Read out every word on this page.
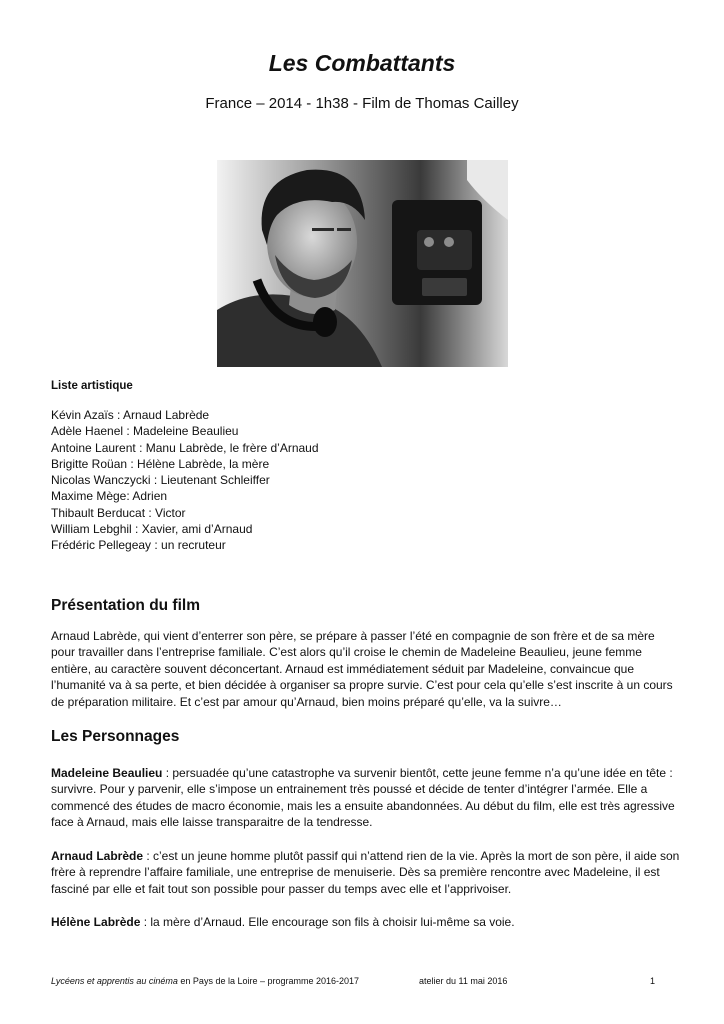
Les Combattants
France – 2014 - 1h38 - Film de Thomas Cailley
Liste artistique
Kévin Azaïs : Arnaud Labrède
Adèle Haenel : Madeleine Beaulieu
Antoine Laurent : Manu Labrède, le frère d’Arnaud
Brigitte Roüan : Hélène Labrède, la mère
Nicolas Wanczycki : Lieutenant Schleiffer
Maxime Mège: Adrien
Thibault Berducat : Victor
William Lebghil : Xavier, ami d’Arnaud
Frédéric Pellegeay : un recruteur
Présentation du film

Arnaud Labrède, qui vient d’enterrer son père, se prépare à passer l’été en compagnie de son frère et de sa mère pour travailler dans l’entreprise familiale. C’est alors qu’il croise le chemin de Madeleine Beaulieu, jeune femme entière, au caractère souvent déconcertant. Arnaud est immédiatement séduit par Madeleine, convaincue que l’humanité va à sa perte, et bien décidée à organiser sa propre survie. C’est pour cela qu’elle s’est inscrite à un cours de préparation militaire. Et c’est par amour qu’Arnaud, bien moins préparé qu’elle, va la suivre…

Les Personnages

Madeleine Beaulieu : persuadée qu’une catastrophe va survenir bientôt, cette jeune femme n’a qu’une idée en tête : survivre. Pour y parvenir, elle s’impose un entrainement très poussé et décide de tenter d’intégrer l’armée. Elle a commencé des études de macro économie, mais les a ensuite abandonnées. Au début du film, elle est très agressive face à Arnaud, mais elle laisse transparaitre de la tendresse.

Arnaud Labrède : c’est un jeune homme plutôt passif qui n’attend rien de la vie. Après la mort de son père, il aide son frère à reprendre l’affaire familiale, une entreprise de menuiserie. Dès sa première rencontre avec Madeleine, il est fasciné par elle et fait tout son possible pour passer du temps avec elle et l’apprivoiser.

Hélène Labrède : la mère d’Arnaud. Elle encourage son fils à choisir lui-même sa voie.

Lycéens et apprentis au cinéma en Pays de la Loire – programme 2016-2017	atelier du 11 mai 2016	1
